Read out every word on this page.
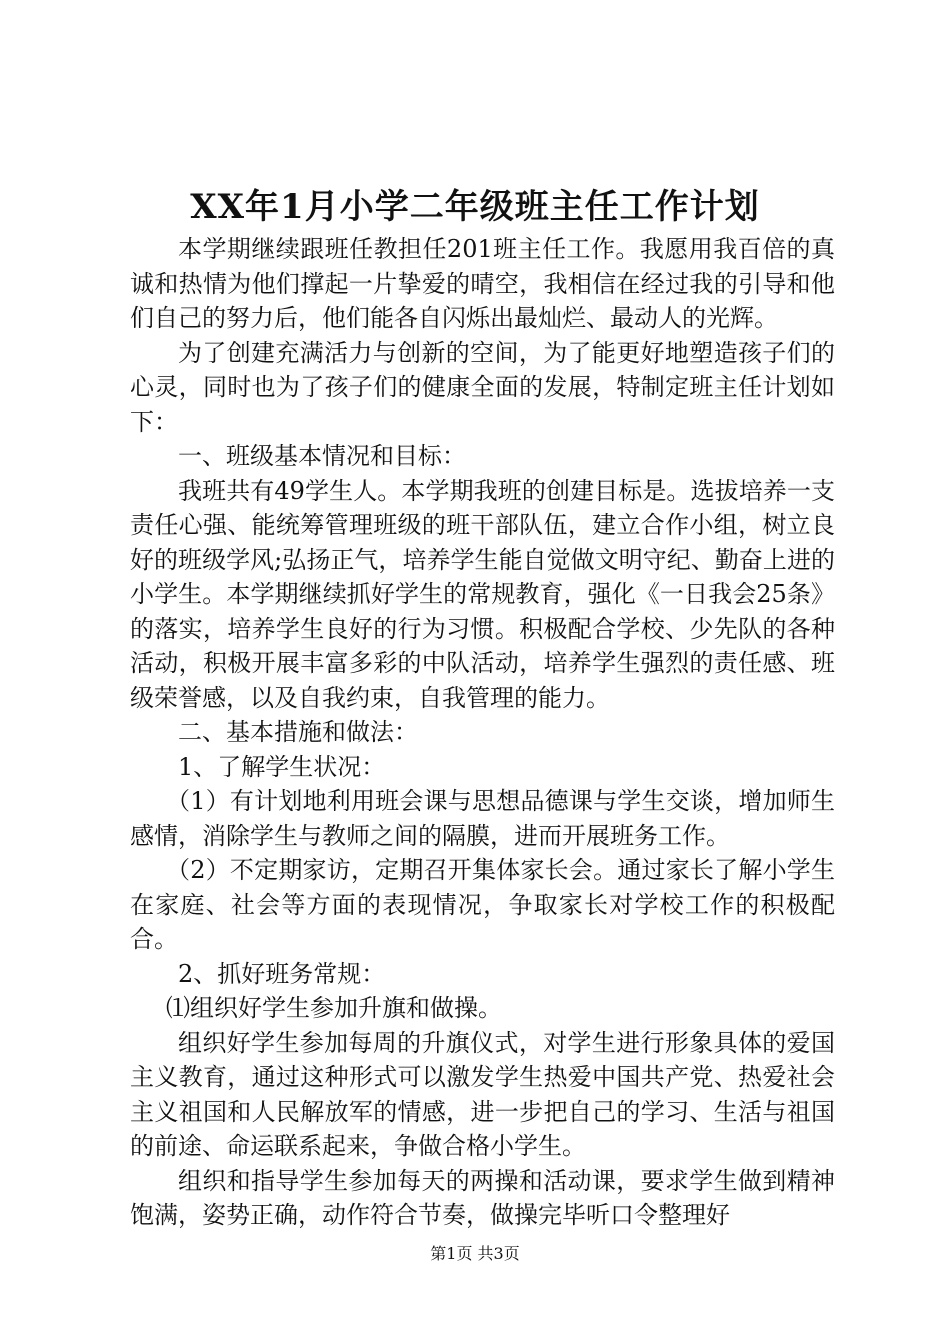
XX年1月小学二年级班主任工作计划

本学期继续跟班任教担任201班主任工作。我愿用我百倍的真诚和热情为他们撑起一片挚爱的晴空，我相信在经过我的引导和他们自己的努力后，他们能各自闪烁出最灿烂、最动人的光辉。

为了创建充满活力与创新的空间，为了能更好地塑造孩子们的心灵，同时也为了孩子们的健康全面的发展，特制定班主任计划如下：

一、班级基本情况和目标：

我班共有49学生人。本学期我班的创建目标是。选拔培养一支责任心强、能统筹管理班级的班干部队伍，建立合作小组，树立良好的班级学风;弘扬正气，培养学生能自觉做文明守纪、勤奋上进的小学生。本学期继续抓好学生的常规教育，强化《一日我会25条》的落实，培养学生良好的行为习惯。积极配合学校、少先队的各种活动，积极开展丰富多彩的中队活动，培养学生强烈的责任感、班级荣誉感，以及自我约束，自我管理的能力。

二、基本措施和做法：

1、了解学生状况：

（1）有计划地利用班会课与思想品德课与学生交谈，增加师生感情，消除学生与教师之间的隔膜，进而开展班务工作。

（2）不定期家访，定期召开集体家长会。通过家长了解小学生在家庭、社会等方面的表现情况，争取家长对学校工作的积极配合。

2、抓好班务常规：

⑴组织好学生参加升旗和做操。

组织好学生参加每周的升旗仪式，对学生进行形象具体的爱国主义教育，通过这种形式可以激发学生热爱中国共产党、热爱社会主义祖国和人民解放军的情感，进一步把自己的学习、生活与祖国的前途、命运联系起来，争做合格小学生。

组织和指导学生参加每天的两操和活动课，要求学生做到精神饱满，姿势正确，动作符合节奏，做操完毕听口令整理好

第1页 共3页
